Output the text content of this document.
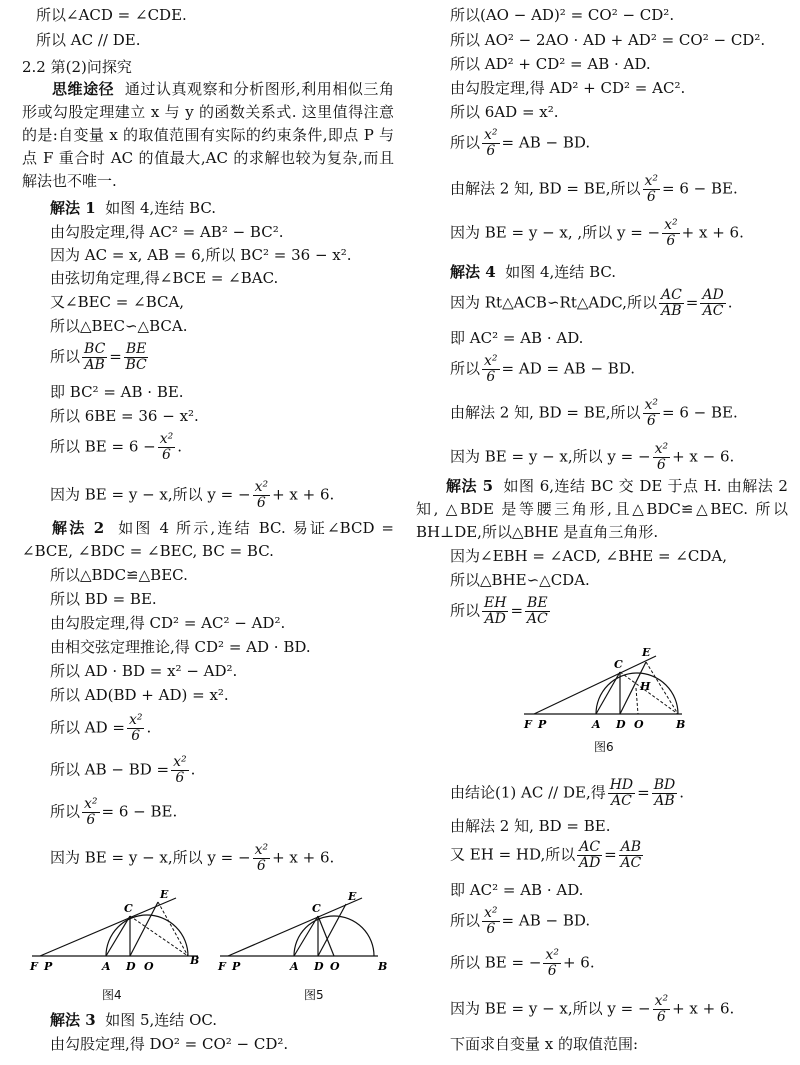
所以∠ACD = ∠CDE.
所以 AC // DE.
2.2 第(2)问探究
思维途径 通过认真观察和分析图形,利用相似三角形或勾股定理建立 x 与 y 的函数关系式. 这里值得注意的是:自变量 x 的取值范围有实际的约束条件,即点 P 与点 F 重合时 AC 的值最大,AC 的求解也较为复杂,而且解法也不唯一.
解法 1 如图 4,连结 BC.
由勾股定理,得 AC² = AB² − BC².
因为 AC = x, AB = 6,所以 BC² = 36 − x².
由弦切角定理,得∠BCE = ∠BAC.
又∠BEC = ∠BCA,
所以△BEC∽△BCA.
所以 $\frac{BC}{AB} = \frac{BE}{BC}$
即 BC² = AB · BE.
所以 6BE = 36 − x².
所以 BE = $6 - \frac{\text{x²}}{6}$ .
因为 BE = y − x,所以 y = − $\frac{\text{x²}}{6} + x + 6$.
解法 2 如图 4 所示,连结 BC. 易证∠BCD = ∠BCE, ∠BDC = ∠BEC, BC = BC.
所以△BDC≌△BEC.
所以 BD = BE.
由勾股定理,得 CD² = AC² − AD².
由相交弦定理推论,得 CD² = AD · BD.
所以 AD · BD = x² − AD².
所以 AD(BD + AD) = x².
所以 AD = $\frac{\text{x²}}{6}$ .
所以 AB − BD = $\frac{\text{x²}}{6}$ .
所以 $\frac{\text{x²}}{6} = 6$ − BE.
因为 BE = y − x,所以 y = − $\frac{\text{x²}}{6} + x + 6$.
C
E
F P	A D O	B
图4
C
E
F P	A D O	B
图5
解法 3 如图 5,连结 OC.
由勾股定理,得 DO² = CO² − CD².
所以(AO − AD)² = CO² − CD².
所以 AO² − 2AO · AD + AD² = CO² − CD².
所以 AD² + CD² = AB · AD.
由勾股定理,得 AD² + CD² = AC².
所以 6AD = x².
所以 $\frac{\text{x²}}{6}$ = AB − BD.
由解法 2 知, BD = BE,所以 $\frac{\text{x²}}{6} = 6$ − BE.
因为 BE = y − x, ,所以 y = − $\frac{\text{x²}}{6} + x + 6$.
解法 4 如图 4,连结 BC.
因为 Rt△ACB∽Rt△ADC,所以 $\frac{AC}{AB} = \frac{AD}{AC}$ .
即 AC² = AB · AD.
所以 $\frac{\text{x²}}{6}$ = AD = AB − BD.
由解法 2 知, BD = BE,所以 $\frac{\text{x²}}{6} = 6$ − BE.
因为 BE = y − x,所以 y = − $\frac{\text{x²}}{6} + x - 6$.
解法 5 如图 6,连结 BC 交 DE 于点 H. 由解法 2 知, △BDE 是等腰三角形,且△BDC≌△BEC. 所以 BH⊥DE,所以△BHE 是直角三角形.
因为∠EBH = ∠ACD, ∠BHE = ∠CDA,
所以△BHE∽△CDA.
所以 $\frac{EH}{AD} = \frac{BE}{AC}$
C
E
H
F P	A D O	B
图6
由结论(1) AC // DE,得 $\frac{HD}{AC} = \frac{BD}{AB}$ .
由解法 2 知, BD = BE.
又 EH = HD,所以 $\frac{AC}{AD} = \frac{AB}{AC}$
即 AC² = AB · AD.
所以 $\frac{\text{x²}}{6}$ = AB − BD.
所以 BE = − $\frac{\text{x²}}{6} + 6$.
因为 BE = y − x,所以 y = − $\frac{\text{x²}}{6} + x + 6$.
下面求自变量 x 的取值范围:
